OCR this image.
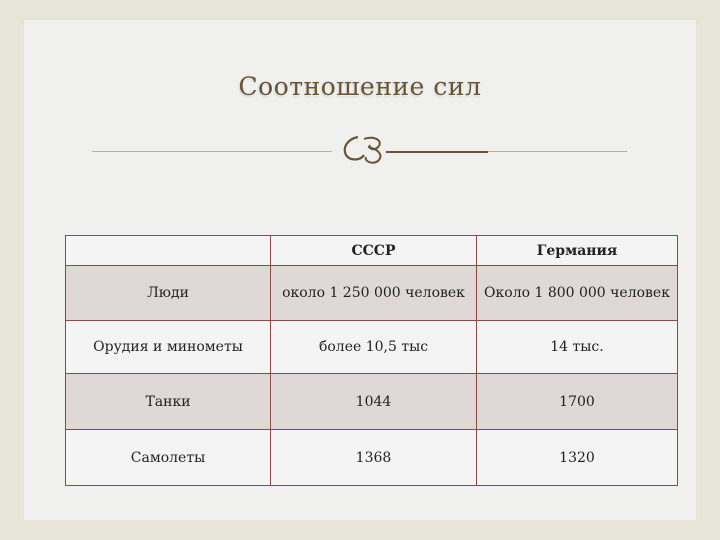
Соотношение сил
	СССР	Германия
Люди	около 1 250 000 человек	Около 1 800 000 человек
Орудия и минометы	более 10,5 тыс	14 тыс.
Танки	1044	1700
Самолеты	1368	1320
